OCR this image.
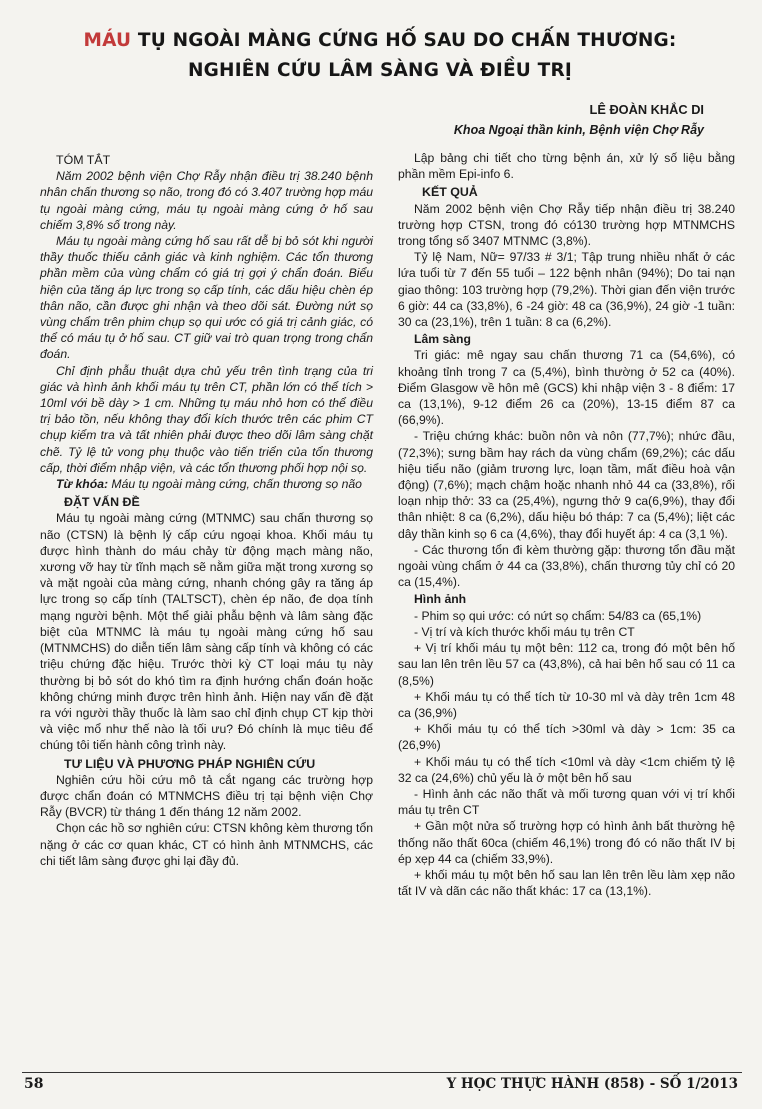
MÁU TỤ NGOÀI MÀNG CỨNG HỐ SAU DO CHẤN THƯƠNG:
NGHIÊN CỨU LÂM SÀNG VÀ ĐIỀU TRỊ
LÊ ĐOÀN KHẮC DI
Khoa Ngoại thần kinh, Bệnh viện Chợ Rẫy

TÓM TẮT

Năm 2002 bệnh viện Chợ Rẫy nhận điều trị 38.240 bệnh nhân chấn thương sọ não, trong đó có 3.407 trường hợp máu tụ ngoài màng cứng, máu tụ ngoài màng cứng ở hố sau chiếm 3,8% số trong này.

Máu tụ ngoài màng cứng hố sau rất dễ bị bỏ sót khi người thầy thuốc thiếu cảnh giác và kinh nghiệm. Các tổn thương phần mềm của vùng chẩm có giá trị gợi ý chẩn đoán. Biểu hiện của tăng áp lực trong sọ cấp tính, các dấu hiệu chèn ép thân não, cần được ghi nhận và theo dõi sát. Đường nứt sọ vùng chẩm trên phim chụp sọ qui ước có giá trị cảnh giác, có thể có máu tụ ở hố sau. CT giữ vai trò quan trọng trong chẩn đoán.

Chỉ định phẫu thuật dựa chủ yếu trên tình trạng của tri giác và hình ảnh khối máu tụ trên CT, phần lớn có thể tích > 10ml với bề dày > 1 cm. Những tụ máu nhỏ hơn có thể điều trị bảo tồn, nếu không thay đổi kích thước trên các phim CT chụp kiểm tra và tất nhiên phải được theo dõi lâm sàng chặt chẽ. Tỷ lệ tử vong phụ thuộc vào tiến triển của tổn thương cấp, thời điểm nhập viện, và các tổn thương phối hợp nội sọ.

Từ khóa: Máu tụ ngoài màng cứng, chấn thương sọ não

ĐẶT VẤN ĐỀ

Máu tụ ngoài màng cứng (MTNMC) sau chấn thương sọ não (CTSN) là bệnh lý cấp cứu ngoại khoa. Khối máu tụ được hình thành do máu chảy từ động mạch màng não, xương vỡ hay từ tĩnh mạch sẽ nằm giữa mặt trong xương sọ và mặt ngoài của màng cứng, nhanh chóng gây ra tăng áp lực trong sọ cấp tính (TALTSCT), chèn ép não, đe dọa tính mạng người bệnh. Một thể giải phẫu bệnh và lâm sàng đặc biệt của MTNMC là máu tụ ngoài màng cứng hố sau (MTNMCHS) do diễn tiến lâm sàng cấp tính và không có các triệu chứng đặc hiệu. Trước thời kỳ CT loại máu tụ này thường bị bỏ sót do khó tìm ra định hướng chẩn đoán hoặc không chứng minh được trên hình ảnh. Hiện nay vấn đề đặt ra với người thầy thuốc là làm sao chỉ định chụp CT kịp thời và việc mổ như thế nào là tối ưu? Đó chính là mục tiêu để chúng tôi tiến hành công trình này.

TƯ LIỆU VÀ PHƯƠNG PHÁP NGHIÊN CỨU

Nghiên cứu hồi cứu mô tả cắt ngang các trường hợp được chẩn đoán có MTNMCHS điều trị tại bệnh viện Chợ Rẫy (BVCR) từ tháng 1 đến tháng 12 năm 2002.

Chọn các hồ sơ nghiên cứu: CTSN không kèm thương tổn nặng ở các cơ quan khác, CT có hình ảnh MTNMCHS, các chi tiết lâm sàng được ghi lại đầy đủ.

Lập bảng chi tiết cho từng bệnh án, xử lý số liệu bằng phần mềm Epi-info 6.

KẾT QUẢ

Năm 2002 bệnh viện Chợ Rẫy tiếp nhận điều trị 38.240 trường hợp CTSN, trong đó có130 trường hợp MTNMCHS trong tổng số 3407 MTNMC (3,8%).

Tỷ lệ Nam, Nữ= 97/33 # 3/1; Tập trung nhiều nhất ở các lứa tuổi từ 7 đến 55 tuổi – 122 bệnh nhân (94%); Do tai nạn giao thông: 103 trường hợp (79,2%). Thời gian đến viện trước 6 giờ: 44 ca (33,8%), 6 -24 giờ: 48 ca (36,9%), 24 giờ -1 tuần: 30 ca (23,1%), trên 1 tuần: 8 ca (6,2%).

Lâm sàng

Tri giác: mê ngay sau chấn thương 71 ca (54,6%), có khoảng tỉnh trong 7 ca (5,4%), bình thường ở 52 ca (40%). Điểm Glasgow về hôn mê (GCS) khi nhập viện 3 - 8 điểm: 17 ca (13,1%), 9-12 điểm 26 ca (20%), 13-15 điểm 87 ca (66,9%).

- Triệu chứng khác: buồn nôn và nôn (77,7%); nhức đầu, (72,3%); sưng bầm hay rách da vùng chẩm (69,2%); các dấu hiệu tiểu não (giảm trương lực, loạn tầm, mất điều hoà vận động) (7,6%); mạch chậm hoặc nhanh nhỏ 44 ca (33,8%), rối loạn nhịp thở: 33 ca (25,4%), ngưng thở 9 ca(6,9%), thay đổi thân nhiệt: 8 ca (6,2%), dấu hiệu bó tháp: 7 ca (5,4%); liệt các dây thần kinh sọ 6 ca (4,6%), thay đổi huyết áp: 4 ca (3,1 %).

- Các thương tổn đi kèm thường gặp: thương tổn đầu mặt ngoài vùng chẩm ở 44 ca (33,8%), chấn thương tủy chỉ có 20 ca (15,4%).

Hình ảnh

- Phim sọ qui ước: có nứt sọ chẩm: 54/83 ca (65,1%)

- Vị trí và kích thước khối máu tụ trên CT

+ Vị trí khối máu tụ một bên: 112 ca, trong đó một bên hố sau lan lên trên lều 57 ca (43,8%), cả hai bên hố sau có 11 ca (8,5%)

+ Khối máu tụ có thể tích từ 10-30 ml và dày trên 1cm 48 ca (36,9%)

+ Khối máu tụ có thể tích >30ml và dày > 1cm: 35 ca (26,9%)

+ Khối máu tụ có thể tích <10ml và dày <1cm chiếm tỷ lệ 32 ca (24,6%) chủ yếu là ở một bên hố sau

- Hình ảnh các não thất và mối tương quan với vị trí khối máu tụ trên CT

+ Gần một nửa số trường hợp có hình ảnh bất thường hệ thống não thất 60ca (chiếm 46,1%) trong đó có não thất IV bị ép xẹp 44 ca (chiếm 33,9%).

+ khối máu tụ một bên hố sau lan lên trên lều làm xẹp não tất IV và dãn các não thất khác: 17 ca (13,1%).

58	Y HỌC THỰC HÀNH (858) - SỐ 1/2013
